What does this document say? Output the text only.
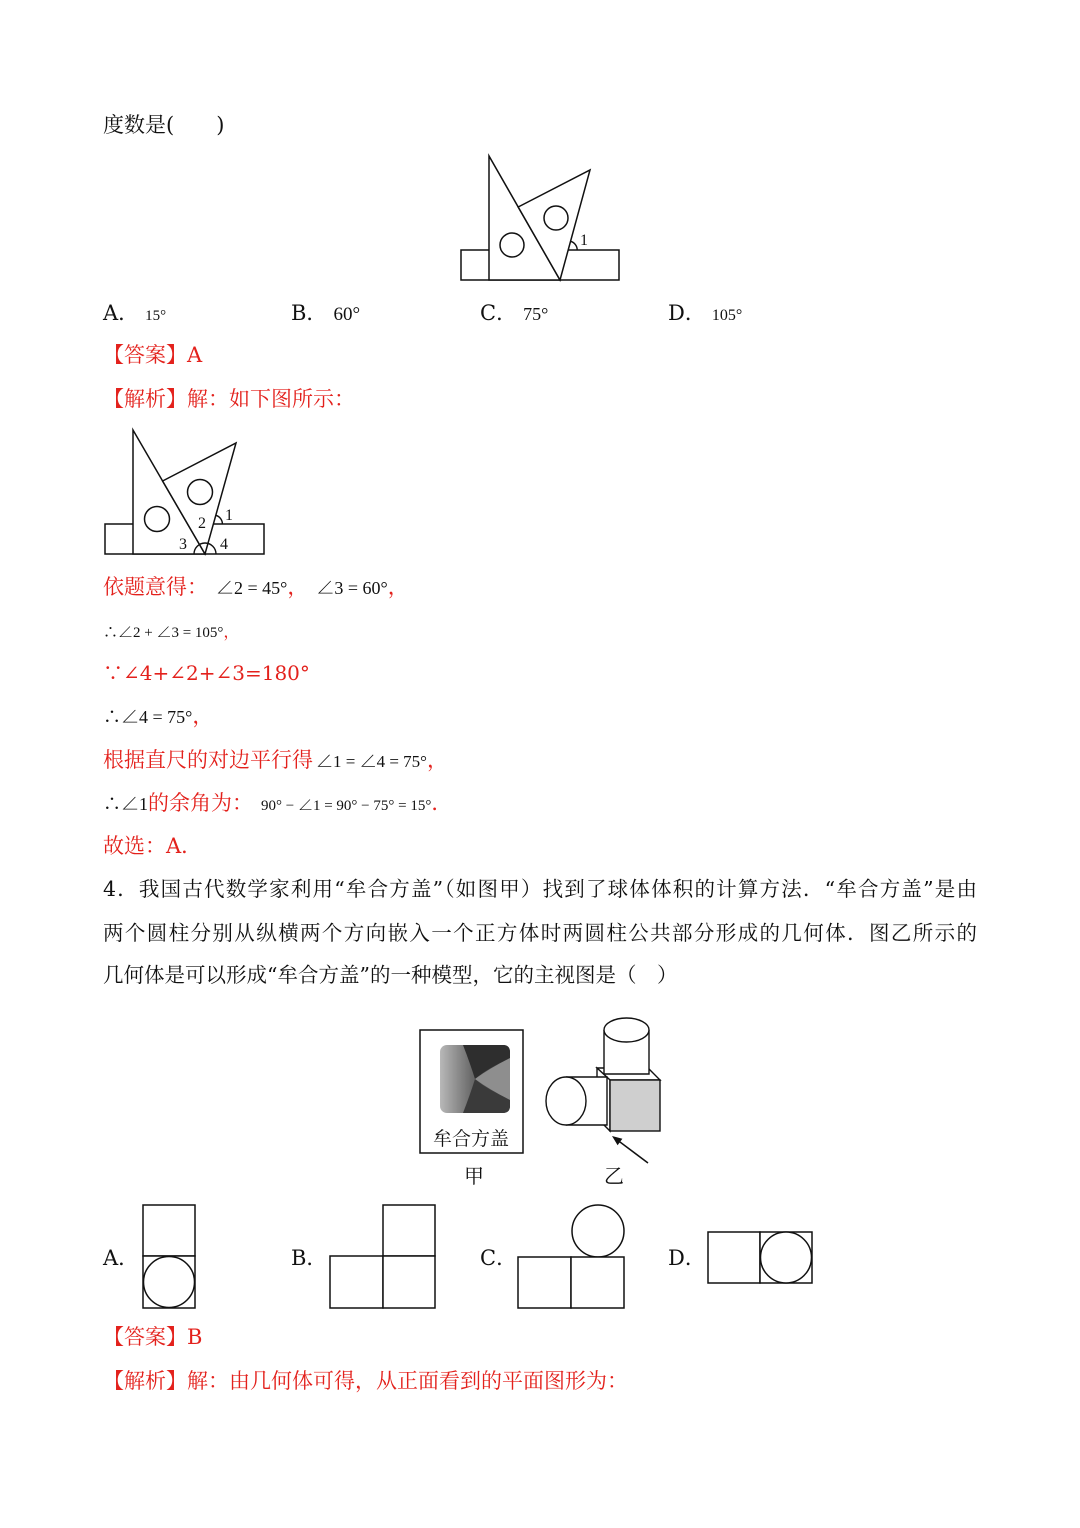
度数是(　　)
1
A． 15°	B． 60°	C． 75°	D． 105°
【答案】A
【解析】解：如下图所示：
1
2
3 4
依题意得： ∠2 = 45°， ∠3 = 60°，
∴∠2 + ∠3 = 105°，
∵∠4+∠2+∠3=180°
∴∠4 = 75°，
根据直尺的对边平行得 ∠1 = ∠4 = 75°，
∴∠1的余角为： 90° − ∠1 = 90° − 75° = 15°．
故选：A．
4．我国古代数学家利用“牟合方盖”（如图甲）找到了球体体积的计算方法．“牟合方盖”是由
两个圆柱分别从纵横两个方向嵌入一个正方体时两圆柱公共部分形成的几何体．图乙所示的
几何体是可以形成“牟合方盖”的一种模型，它的主视图是（　）
牟合方盖
甲	乙
A．	B．	C．	D．
【答案】B
【解析】解：由几何体可得，从正面看到的平面图形为：
